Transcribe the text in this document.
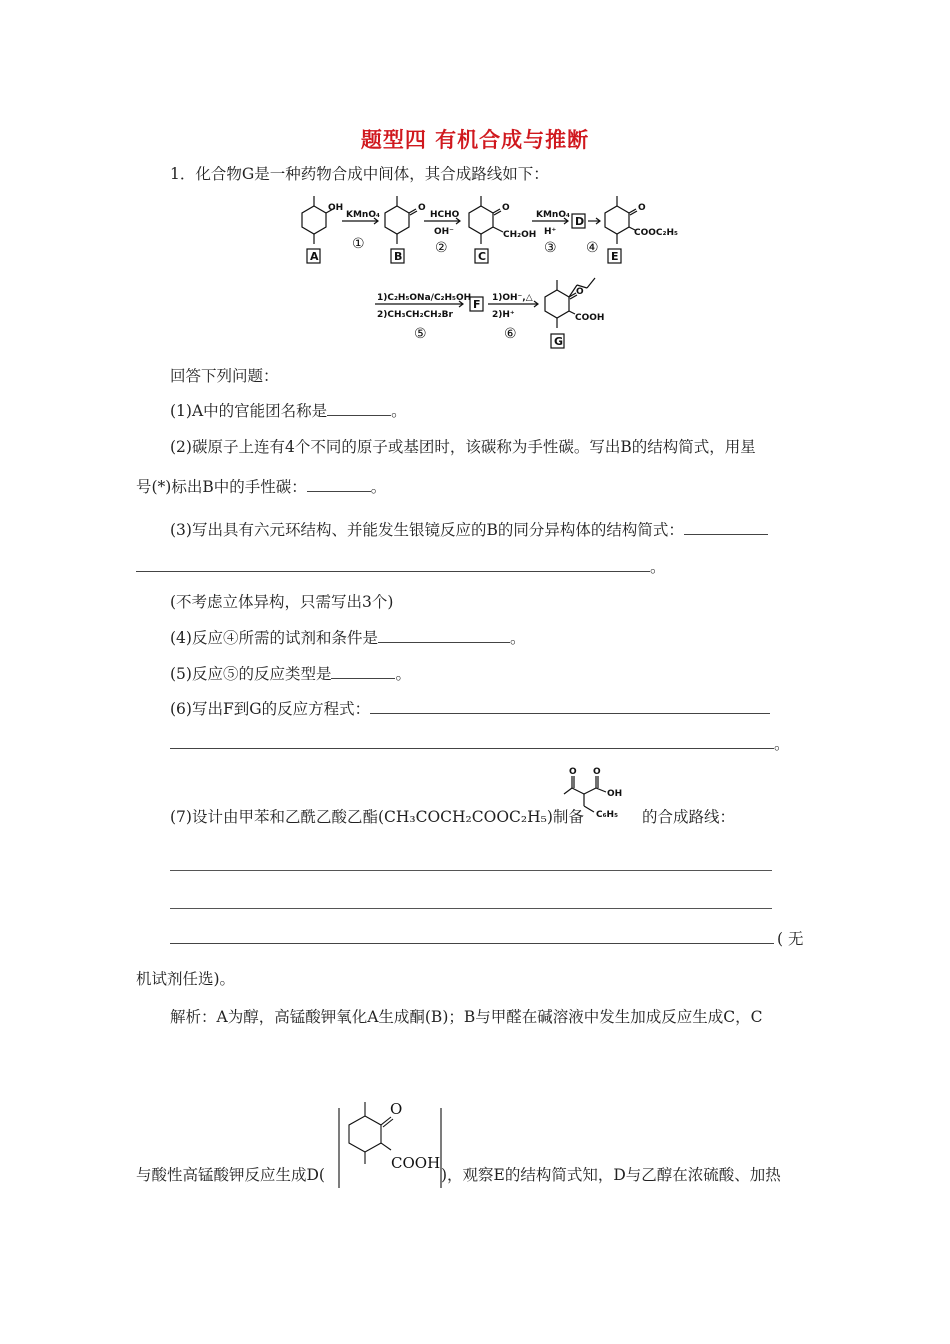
题型四 有机合成与推断
1．化合物G是一种药物合成中间体，其合成路线如下：
OH
KMnO₄
①
O
HCHO
OH⁻
②
O
CH₂OH
KMnO₄
H⁺
③
D
④
O
COOC₂H₅
A	B	C	E
1)C₂H₅ONa/C₂H₅OH
2)CH₃CH₂CH₂Br
⑤
F 1)OH⁻,△
2)H⁺
⑥
O
COOH
G
回答下列问题：
(1)A中的官能团名称是	。
(2)碳原子上连有4个不同的原子或基团时，该碳称为手性碳。写出B的结构简式，用星
号(*)标出B中的手性碳：	。
(3)写出具有六元环结构、并能发生银镜反应的B的同分异构体的结构简式：
。
(不考虑立体异构，只需写出3个)
(4)反应④所需的试剂和条件是	。
(5)反应⑤的反应类型是	。
(6)写出F到G的反应方程式：
。
(7)设计由甲苯和乙酰乙酸乙酯(CH₃COCH₂COOC₂H₅)制备
O O
OH
C₆H₅ 的合成路线：
( 无
机试剂任选)。
解析：A为醇，高锰酸钾氧化A生成酮(B)；B与甲醛在碱溶液中发生加成反应生成C，C
与酸性高锰酸钾反应生成D(
O
COOH
)，观察E的结构简式知，D与乙醇在浓硫酸、加热
